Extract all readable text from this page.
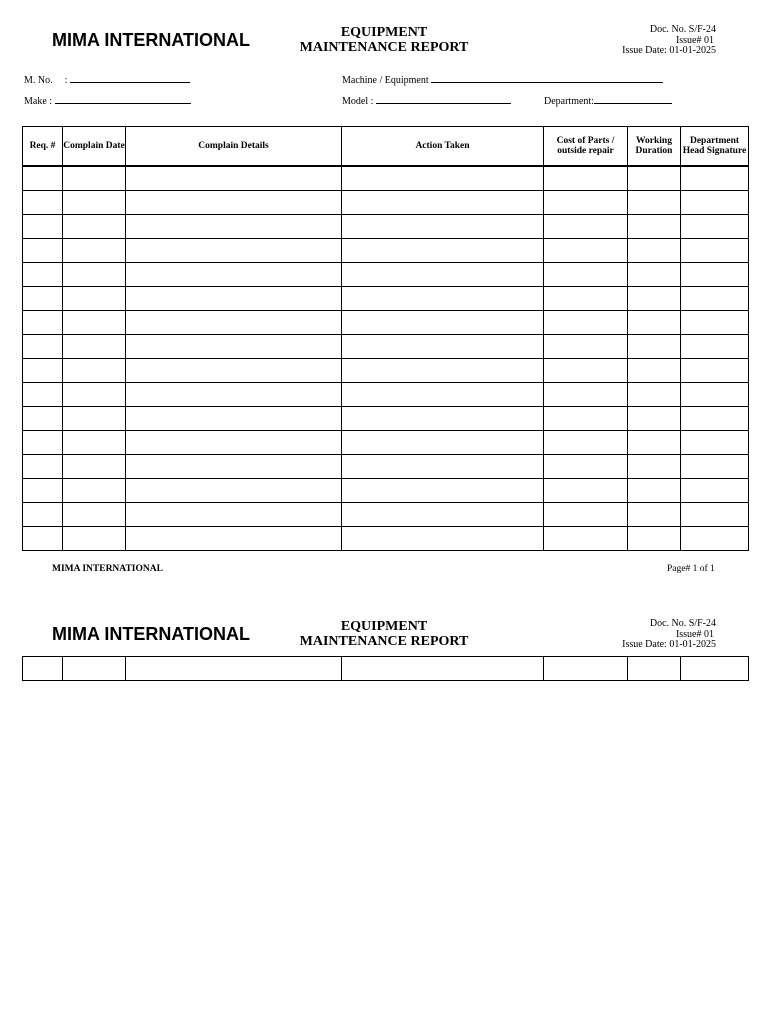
MIMA INTERNATIONAL	EQUIPMENT
MAINTENANCE REPORT
Doc. No. S/F-24
Issue# 01
Issue Date: 01-01-2025
M. No. :	Machine / Equipment
Make :	Model :	Department:
Req. #	Complain Date	Complain Details	Action Taken	Cost of Parts / outside repair	Working Duration	Department Head Signature

MIMA INTERNATIONAL	Page# 1 of 1
MIMA INTERNATIONAL	EQUIPMENT
MAINTENANCE REPORT
Doc. No. S/F-24
Issue# 01
Issue Date: 01-01-2025
